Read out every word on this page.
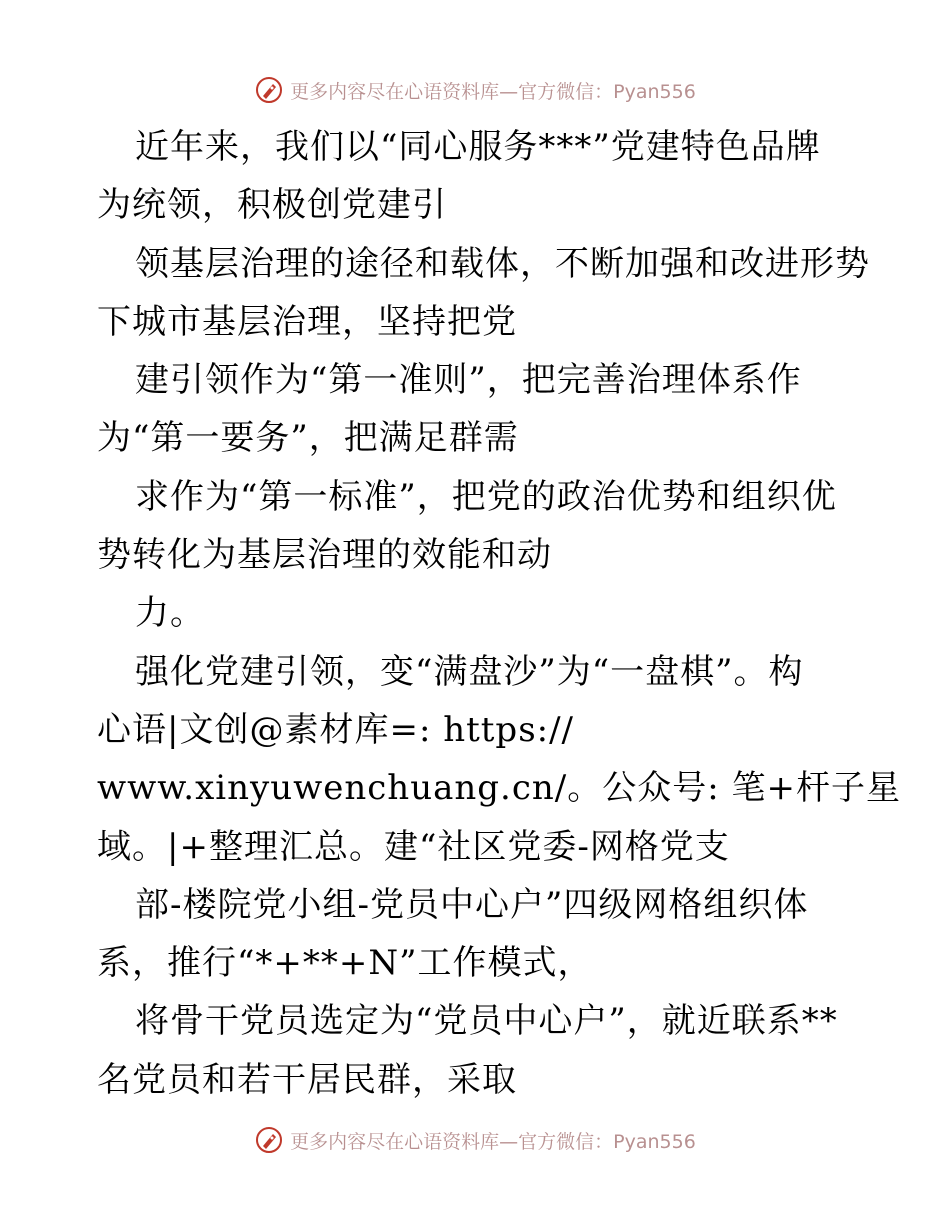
更多内容尽在心语资料库—官方微信：Pyan556
近年来，我们以“同心服务***”党建特色品牌
为统领，积极创党建引
领基层治理的途径和载体，不断加强和改进形势
下城市基层治理，坚持把党
建引领作为“第一准则”，把完善治理体系作
为“第一要务”，把满足群需
求作为“第一标准”，把党的政治优势和组织优
势转化为基层治理的效能和动
力。
强化党建引领，变“满盘沙”为“一盘棋”。构
心语|文创@素材库=: https://
www.xinyuwenchuang.cn/。公众号: 笔+杆子星
域。|+整理汇总。建“社区党委-网格党支
部-楼院党小组-党员中心户”四级网格组织体
系，推行“*+**+N”工作模式，
将骨干党员选定为“党员中心户”，就近联系**
名党员和若干居民群，采取
更多内容尽在心语资料库—官方微信：Pyan556
